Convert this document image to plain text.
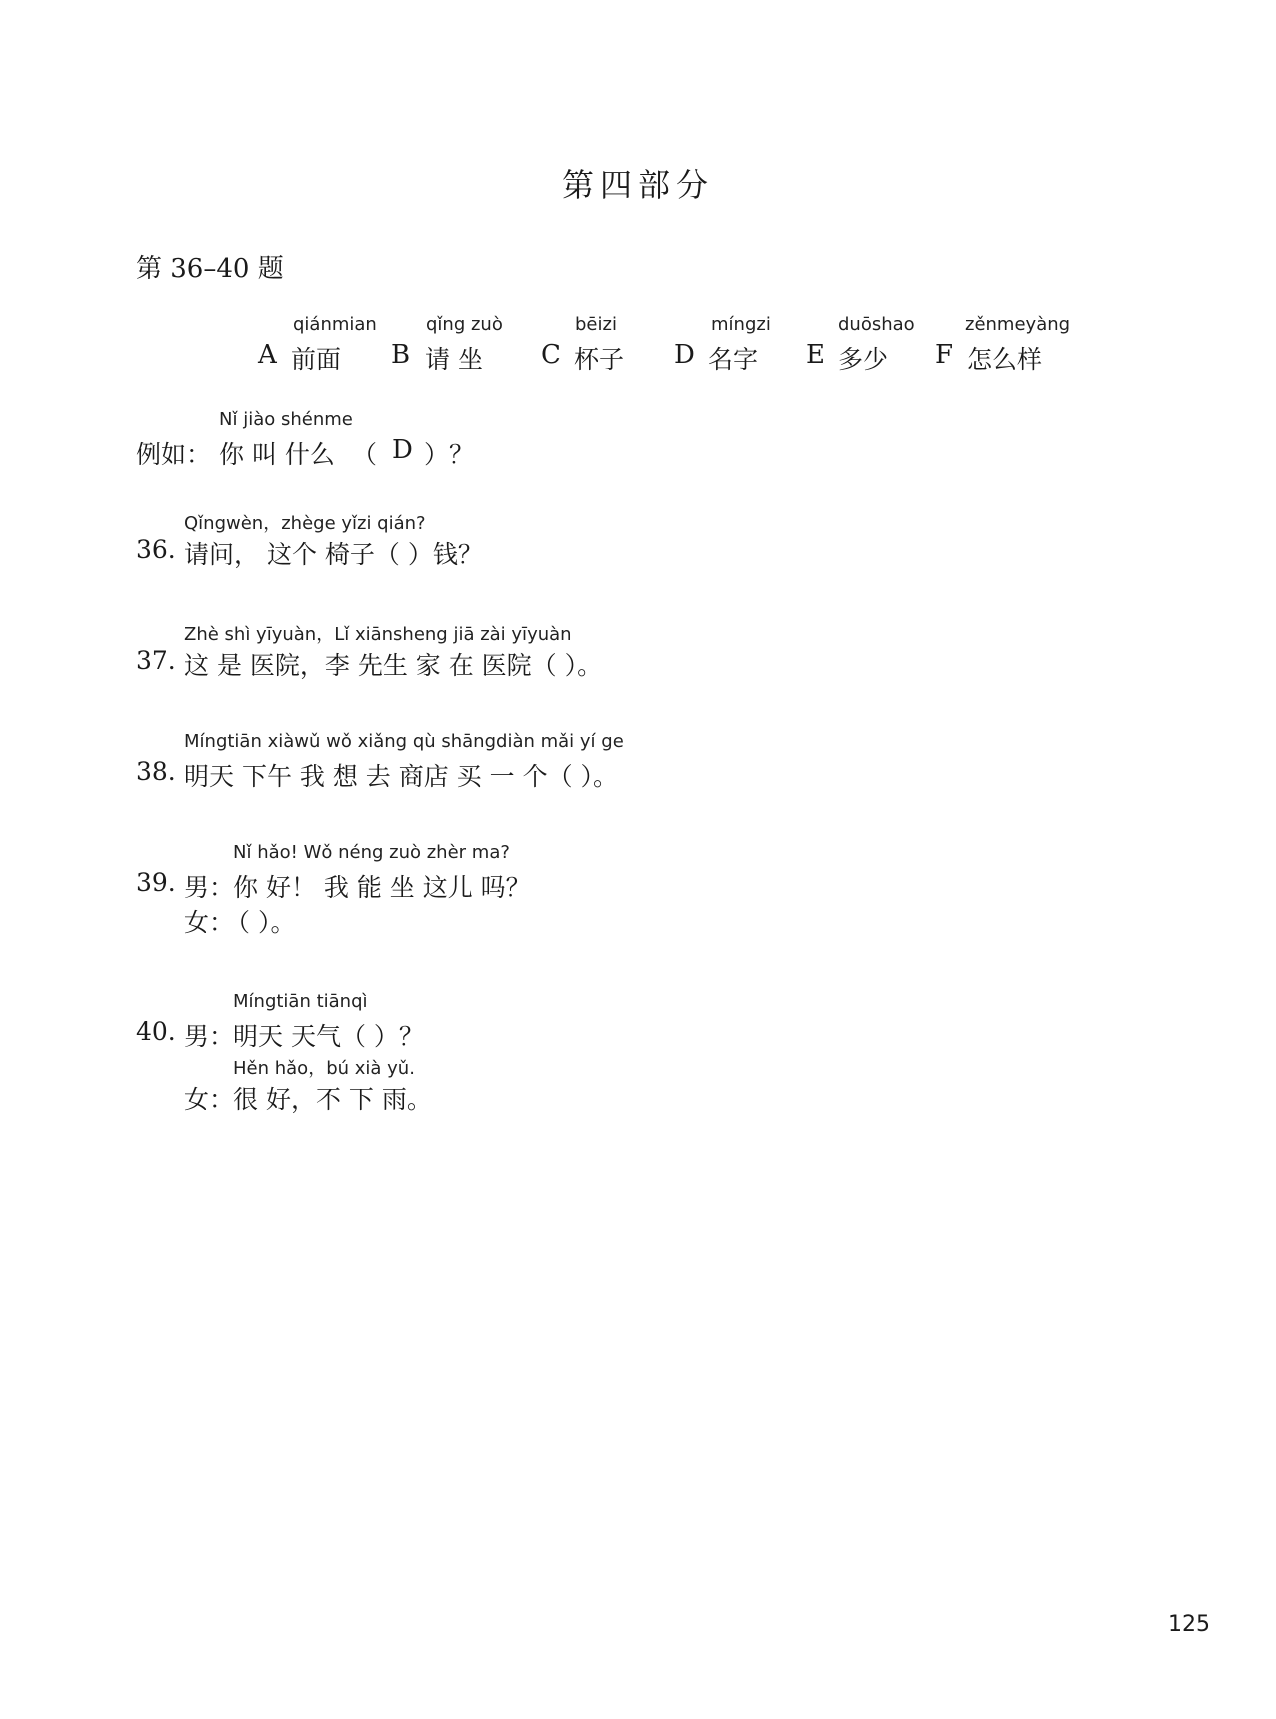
第四部分
第 36–40 题
qiánmian
A 前面
qǐng zuò
B 请 坐
bēizi
C 杯子
míngzi
D 名字
duōshao
E 多少
zěnmeyàng
F 怎么样
Nǐ jiào shénme
例如： 你 叫 什么 （ D ）？
Qǐngwèn，zhège yǐzi qián?
36. 请问， 这个 椅子（ ）钱？
Zhè shì yīyuàn，Lǐ xiānsheng jiā zài yīyuàn
37. 这 是 医院，李 先生 家 在 医院（ ）。
Míngtiān xiàwǔ wǒ xiǎng qù shāngdiàn mǎi yí ge
38. 明天 下午 我 想 去 商店 买 一 个（ ）。
Nǐ hǎo! Wǒ néng zuò zhèr ma?
39. 男：
你 好！ 我 能 坐 这儿 吗？
女：
（ ）。
Míngtiān tiānqì
40. 男：
明天 天气（ ）？
Hěn hǎo，bú xià yǔ.
女：
很 好，不 下 雨。
125
